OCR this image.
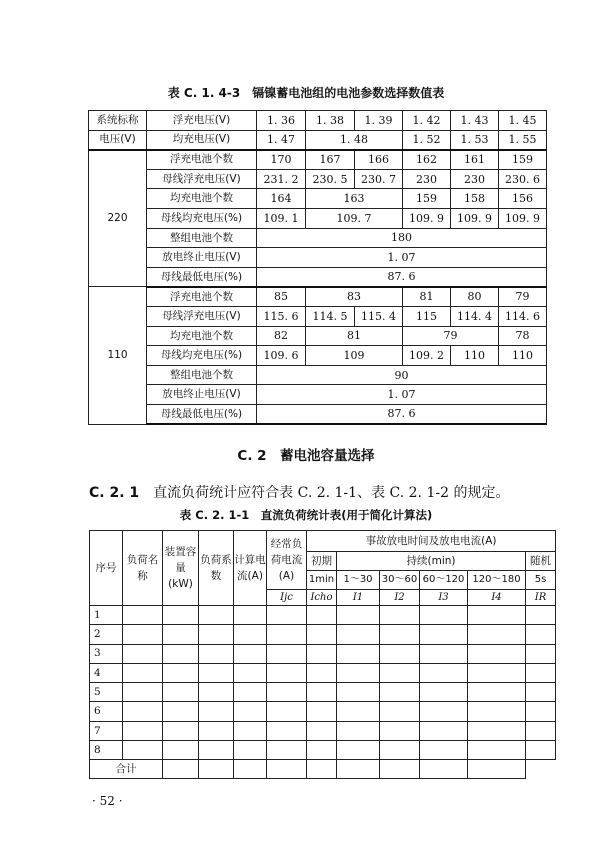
表 C. 1. 4-3　镉镍蓄电池组的电池参数选择数值表
系统标称	浮充电压(V)	1. 36	1. 38	1. 39	1. 42	1. 43	1. 45
电压(V)	均充电压(V)	1. 47	1. 48		1. 52	1. 53	1. 55
220	浮充电池个数	170	167	166	162	161	159
	母线浮充电压(V)	231. 2	230. 5	230. 7	230	230	230. 6
	均充电池个数	164	163		159	158	156
	母线均充电压(%)	109. 1	109. 7		109. 9	109. 9	109. 9
	整组电池个数	180					
	放电终止电压(V)	1. 07					
	母线最低电压(%)	87. 6					
110	浮充电池个数	85	83		81	80	79
	母线浮充电压(V)	115. 6	114. 5	115. 4	115	114. 4	114. 6
	均充电池个数	82	81		79		78
	母线均充电压(%)	109. 6	109		109. 2	110	110
	整组电池个数	90					
	放电终止电压(V)	1. 07					
	母线最低电压(%)	87. 6					
C. 2　蓄电池容量选择
C. 2. 1 直流负荷统计应符合表 C. 2. 1-1、表 C. 2. 1-2 的规定。
表 C. 2. 1-1　直流负荷统计表(用于简化计算法)
序号	负荷名称	装置容量(kW)	负荷系数	计算电流(A)	经常负荷电流(A)	事故放电时间及放电电流(A)					
						初期	持续(min)				随机
						1min	1～30	30～60	60～120	120～180	5s
					Ijc	Icho	I1	I2	I3	I4	IR
1											
2											
3											
4											
5											
6											
7											
8											
合计											
· 52 ·
